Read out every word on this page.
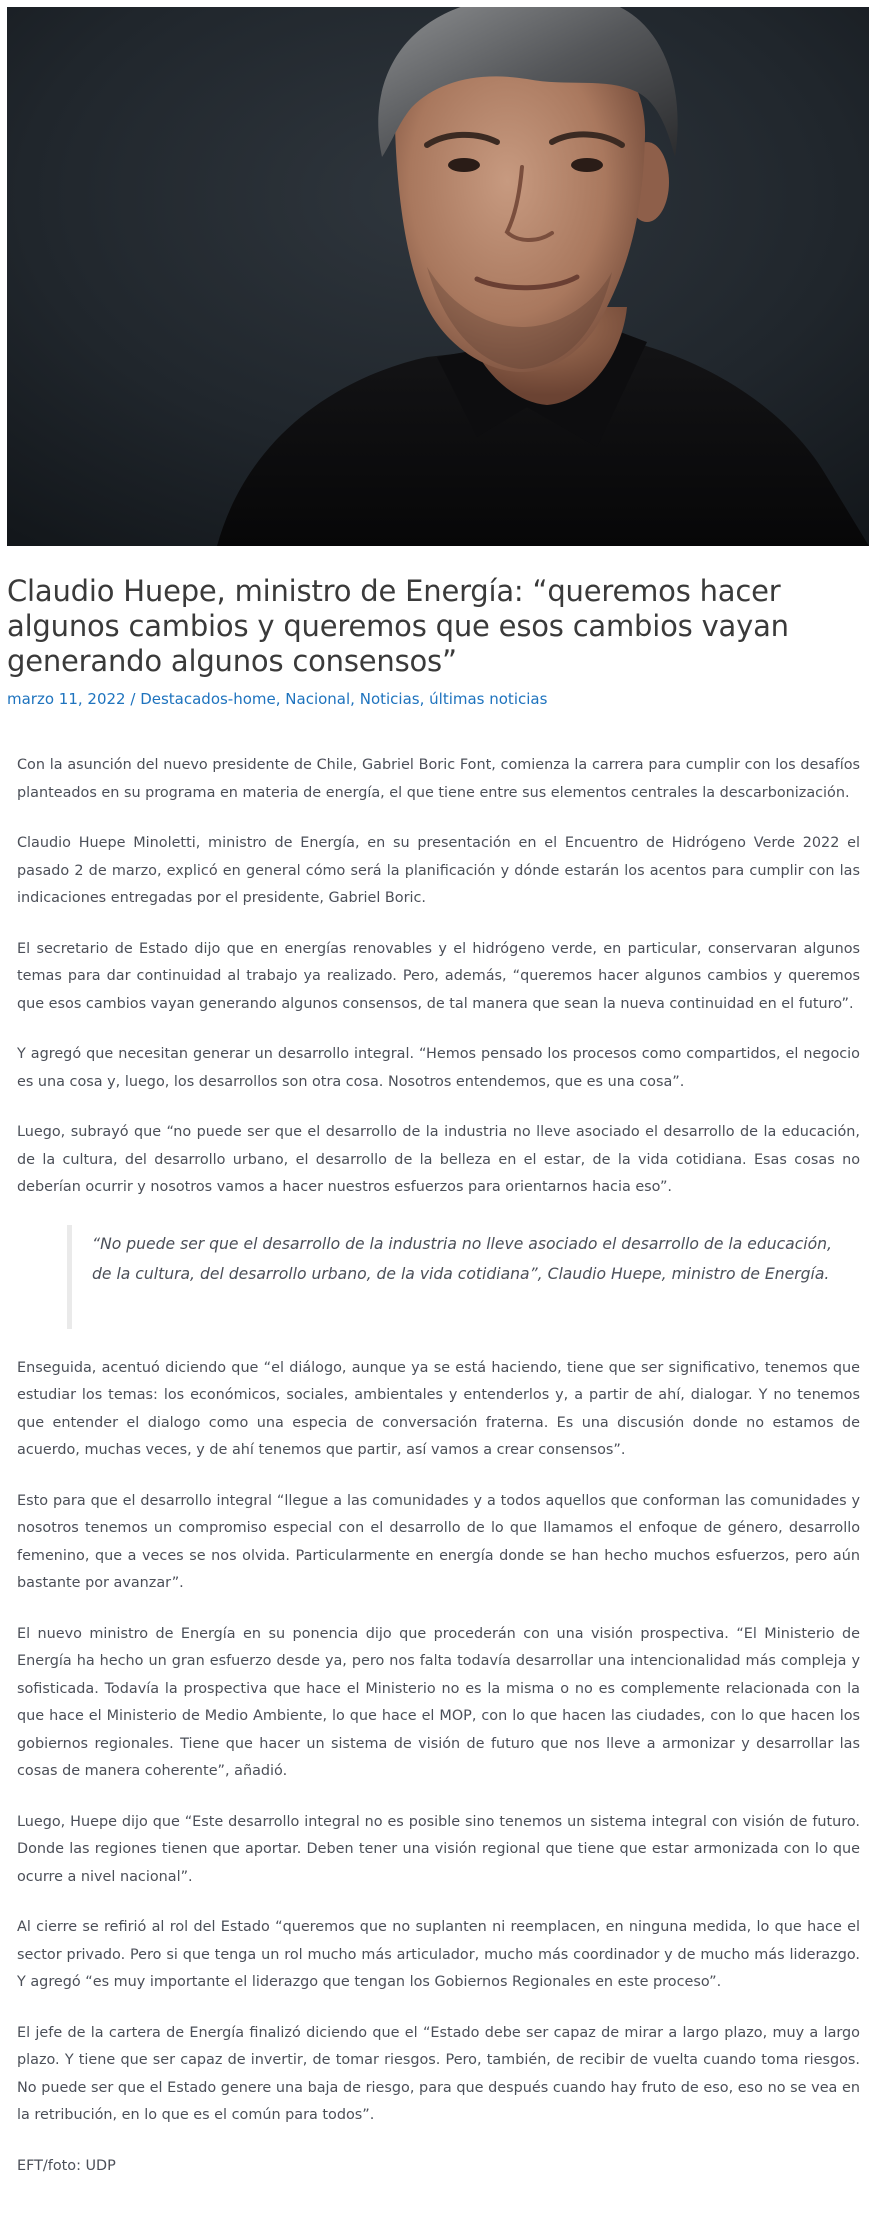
Claudio Huepe, ministro de Energía: “queremos hacer algunos cambios y queremos que esos cambios vayan generando algunos consensos”
marzo 11, 2022 / Destacados-home, Nacional, Noticias, últimas noticias

Con la asunción del nuevo presidente de Chile, Gabriel Boric Font, comienza la carrera para cumplir con los desafíos planteados en su programa en materia de energía, el que tiene entre sus elementos centrales la descarbonización.

Claudio Huepe Minoletti, ministro de Energía, en su presentación en el Encuentro de Hidrógeno Verde 2022 el pasado 2 de marzo, explicó en general cómo será la planificación y dónde estarán los acentos para cumplir con las indicaciones entregadas por el presidente, Gabriel Boric.

El secretario de Estado dijo que en energías renovables y el hidrógeno verde, en particular, conservaran algunos temas para dar continuidad al trabajo ya realizado. Pero, además, “queremos hacer algunos cambios y queremos que esos cambios vayan generando algunos consensos, de tal manera que sean la nueva continuidad en el futuro”.

Y agregó que necesitan generar un desarrollo integral. “Hemos pensado los procesos como compartidos, el negocio es una cosa y, luego, los desarrollos son otra cosa. Nosotros entendemos, que es una cosa”.

Luego, subrayó que “no puede ser que el desarrollo de la industria no lleve asociado el desarrollo de la educación, de la cultura, del desarrollo urbano, el desarrollo de la belleza en el estar, de la vida cotidiana. Esas cosas no deberían ocurrir y nosotros vamos a hacer nuestros esfuerzos para orientarnos hacia eso”.

“No puede ser que el desarrollo de la industria no lleve asociado el desarrollo de la educación, de la cultura, del desarrollo urbano, de la vida cotidiana”, Claudio Huepe, ministro de Energía.

Enseguida, acentuó diciendo que “el diálogo, aunque ya se está haciendo, tiene que ser significativo, tenemos que estudiar los temas: los económicos, sociales, ambientales y entenderlos y, a partir de ahí, dialogar. Y no tenemos que entender el dialogo como una especia de conversación fraterna. Es una discusión donde no estamos de acuerdo, muchas veces, y de ahí tenemos que partir, así vamos a crear consensos”.

Esto para que el desarrollo integral “llegue a las comunidades y a todos aquellos que conforman las comunidades y nosotros tenemos un compromiso especial con el desarrollo de lo que llamamos el enfoque de género, desarrollo femenino, que a veces se nos olvida. Particularmente en energía donde se han hecho muchos esfuerzos, pero aún bastante por avanzar”.

El nuevo ministro de Energía en su ponencia dijo que procederán con una visión prospectiva. “El Ministerio de Energía ha hecho un gran esfuerzo desde ya, pero nos falta todavía desarrollar una intencionalidad más compleja y sofisticada. Todavía la prospectiva que hace el Ministerio no es la misma o no es complemente relacionada con la que hace el Ministerio de Medio Ambiente, lo que hace el MOP, con lo que hacen las ciudades, con lo que hacen los gobiernos regionales. Tiene que hacer un sistema de visión de futuro que nos lleve a armonizar y desarrollar las cosas de manera coherente”, añadió.

Luego, Huepe dijo que “Este desarrollo integral no es posible sino tenemos un sistema integral con visión de futuro. Donde las regiones tienen que aportar. Deben tener una visión regional que tiene que estar armonizada con lo que ocurre a nivel nacional”.

Al cierre se refirió al rol del Estado “queremos que no suplanten ni reemplacen, en ninguna medida, lo que hace el sector privado. Pero si que tenga un rol mucho más articulador, mucho más coordinador y de mucho más liderazgo. Y agregó “es muy importante el liderazgo que tengan los Gobiernos Regionales en este proceso”.

El jefe de la cartera de Energía finalizó diciendo que el “Estado debe ser capaz de mirar a largo plazo, muy a largo plazo. Y tiene que ser capaz de invertir, de tomar riesgos. Pero, también, de recibir de vuelta cuando toma riesgos. No puede ser que el Estado genere una baja de riesgo, para que después cuando hay fruto de eso, eso no se vea en la retribución, en lo que es el común para todos”.

EFT/foto: UDP
